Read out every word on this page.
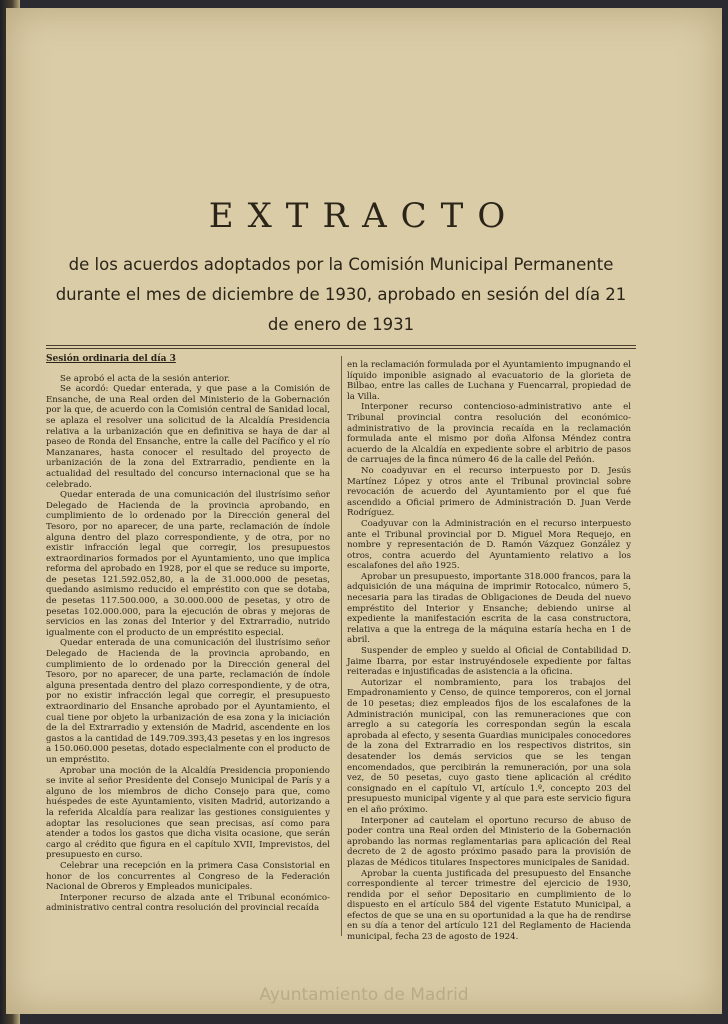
EXTRACTO
de los acuerdos adoptados por la Comisión Municipal Permanente durante el mes de diciembre de 1930, aprobado en sesión del día 21 de enero de 1931

Sesión ordinaria del día 3

Se aprobó el acta de la sesión anterior.

Se acordó: Quedar enterada, y que pase a la Comisión de Ensanche, de una Real orden del Ministerio de la Gobernación por la que, de acuerdo con la Comisión central de Sanidad local, se aplaza el resolver una solicitud de la Alcaldía Presidencia relativa a la urbanización que en definitiva se haya de dar al paseo de Ronda del Ensanche, entre la calle del Pacífico y el río Manzanares, hasta conocer el resultado del proyecto de urbanización de la zona del Extrarradio, pendiente en la actualidad del resultado del concurso internacional que se ha celebrado.

Quedar enterada de una comunicación del ilustrísimo señor Delegado de Hacienda de la provincia aprobando, en cumplimiento de lo ordenado por la Dirección general del Tesoro, por no aparecer, de una parte, reclamación de índole alguna dentro del plazo correspondiente, y de otra, por no existir infracción legal que corregir, los presupuestos extraordinarios formados por el Ayuntamiento, uno que implica reforma del aprobado en 1928, por el que se reduce su importe, de pesetas 121.592.052,80, a la de 31.000.000 de pesetas, quedando asimismo reducido el empréstito con que se dotaba, de pesetas 117.500.000, a 30.000.000 de pesetas, y otro de pesetas 102.000.000, para la ejecución de obras y mejoras de servicios en las zonas del Interior y del Extrarradio, nutrido igualmente con el producto de un empréstito especial.

Quedar enterada de una comunicación del ilustrísimo señor Delegado de Hacienda de la provincia aprobando, en cumplimiento de lo ordenado por la Dirección general del Tesoro, por no aparecer, de una parte, reclamación de índole alguna presentada dentro del plazo correspondiente, y de otra, por no existir infracción legal que corregir, el presupuesto extraordinario del Ensanche aprobado por el Ayuntamiento, el cual tiene por objeto la urbanización de esa zona y la iniciación de la del Extrarradio y extensión de Madrid, ascendente en los gastos a la cantidad de 149.709.393,43 pesetas y en los ingresos a 150.060.000 pesetas, dotado especialmente con el producto de un empréstito.

Aprobar una moción de la Alcaldía Presidencia proponiendo se invite al señor Presidente del Consejo Municipal de París y a alguno de los miembros de dicho Consejo para que, como huéspedes de este Ayuntamiento, visiten Madrid, autorizando a la referida Alcaldía para realizar las gestiones consiguientes y adoptar las resoluciones que sean precisas, así como para atender a todos los gastos que dicha visita ocasione, que serán cargo al crédito que figura en el capítulo XVII, Imprevistos, del presupuesto en curso.

Celebrar una recepción en la primera Casa Consistorial en honor de los concurrentes al Congreso de la Federación Nacional de Obreros y Empleados municipales.

Interponer recurso de alzada ante el Tribunal económico-administrativo central contra resolución del provincial recaída

en la reclamación formulada por el Ayuntamiento impugnando el líquido imponible asignado al evacuatorio de la glorieta de Bilbao, entre las calles de Luchana y Fuencarral, propiedad de la Villa.

Interponer recurso contencioso-administrativo ante el Tribunal provincial contra resolución del económico-administrativo de la provincia recaída en la reclamación formulada ante el mismo por doña Alfonsa Méndez contra acuerdo de la Alcaldía en expediente sobre el arbitrio de pasos de carruajes de la finca número 46 de la calle del Peñón.

No coadyuvar en el recurso interpuesto por D. Jesús Martínez López y otros ante el Tribunal provincial sobre revocación de acuerdo del Ayuntamiento por el que fué ascendido a Oficial primero de Administración D. Juan Verde Rodríguez.

Coadyuvar con la Administración en el recurso interpuesto ante el Tribunal provincial por D. Miguel Mora Requejo, en nombre y representación de D. Ramón Vázquez González y otros, contra acuerdo del Ayuntamiento relativo a los escalafones del año 1925.

Aprobar un presupuesto, importante 318.000 francos, para la adquisición de una máquina de imprimir Rotocalco, número 5, necesaria para las tiradas de Obligaciones de Deuda del nuevo empréstito del Interior y Ensanche; debiendo unirse al expediente la manifestación escrita de la casa constructora, relativa a que la entrega de la máquina estaría hecha en 1 de abril.

Suspender de empleo y sueldo al Oficial de Contabilidad D. Jaime Ibarra, por estar instruyéndosele expediente por faltas reiteradas e injustificadas de asistencia a la oficina.

Autorizar el nombramiento, para los trabajos del Empadronamiento y Censo, de quince temporeros, con el jornal de 10 pesetas; diez empleados fijos de los escalafones de la Administración municipal, con las remuneraciones que con arreglo a su categoría les correspondan según la escala aprobada al efecto, y sesenta Guardias municipales conocedores de la zona del Extrarradio en los respectivos distritos, sin desatender los demás servicios que se les tengan encomendados, que percibirán la remuneración, por una sola vez, de 50 pesetas, cuyo gasto tiene aplicación al crédito consignado en el capítulo VI, artículo 1.º, concepto 203 del presupuesto municipal vigente y al que para este servicio figura en el año próximo.

Interponer ad cautelam el oportuno recurso de abuso de poder contra una Real orden del Ministerio de la Gobernación aprobando las normas reglamentarias para aplicación del Real decreto de 2 de agosto próximo pasado para la provisión de plazas de Médicos titulares Inspectores municipales de Sanidad.

Aprobar la cuenta justificada del presupuesto del Ensanche correspondiente al tercer trimestre del ejercicio de 1930, rendida por el señor Depositario en cumplimiento de lo dispuesto en el artículo 584 del vigente Estatuto Municipal, a efectos de que se una en su oportunidad a la que ha de rendirse en su día a tenor del artículo 121 del Reglamento de Hacienda municipal, fecha 23 de agosto de 1924.

Ayuntamiento de Madrid
